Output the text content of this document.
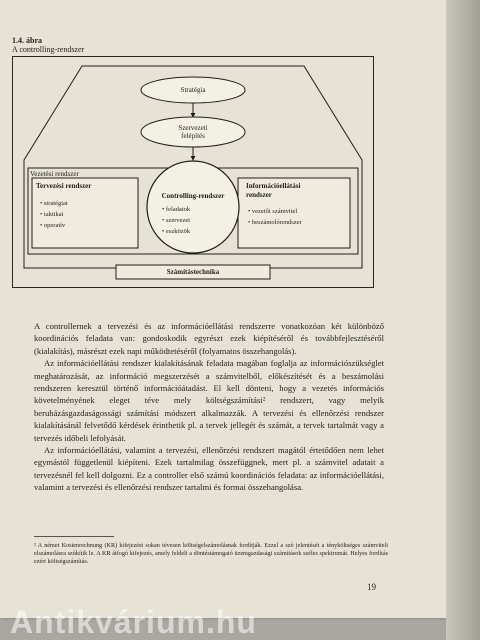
1.4. ábra
A controlling-rendszer
Stratégia
Szervezeti
felépítés
Vezetési rendszer
Tervezési rendszer
• stratégiai
• taktikai
• operatív
Controlling-rendszer
• feladatok
• szervezet
• eszközök
Információellátási
rendszer
• vezetői számvitel
• beszámolórendszer
Számítástechnika

A controllernek a tervezési és az információellátási rendszerre vonatkozóan két különböző koordinációs feladata van: gondoskodik egyrészt ezek kiépítéséről és továbbfejlesztéséről (kialakítás), másrészt ezek napi működtetéséről (folyamatos összehangolás).

Az információellátási rendszer kialakításának feladata magában foglalja az információszükséglet meghatározását, az információ megszerzését a számvitelből, előkészítését és a beszámolási rendszeren keresztül történő információátadást. El kell dönteni, hogy a vezetés információs követelményének eleget téve mely költségszámítási² rendszert, vagy melyik beruházásgazdaságossági számítási módszert alkalmazzák. A tervezési és ellenőrzési rendszer kialakításánál felvetődő kérdések érinthetik pl. a tervek jellegét és számát, a tervek tartalmát vagy a tervezés időbeli lefolyását.

Az információellátási, valamint a tervezési, ellenőrzési rendszert magától értetődően nem lehet egymástól függetlenül kiépíteni. Ezek tartalmilag összefüggnek, mert pl. a számvitel adatait a tervezésnél fel kell dolgozni. Ez a controller első számú koordinációs feladata: az információellátási, valamint a tervezési és ellenőrzési rendszer tartalmi és formai összehangolása.

² A német Kostenrechnung (KR) kifejezést sokan tévesen költségelszámolásnak fordítják. Ezzel a szó jelentését a tényköltséges számviteli elszámolásra szűkítik le. A KR átfogó kifejezés, amely feldeli a döntéstámogató üzemgazdasági számítások széles spektrumát. Helyes fordítás ezért költségszámítás.
19
Antikvárium.hu
